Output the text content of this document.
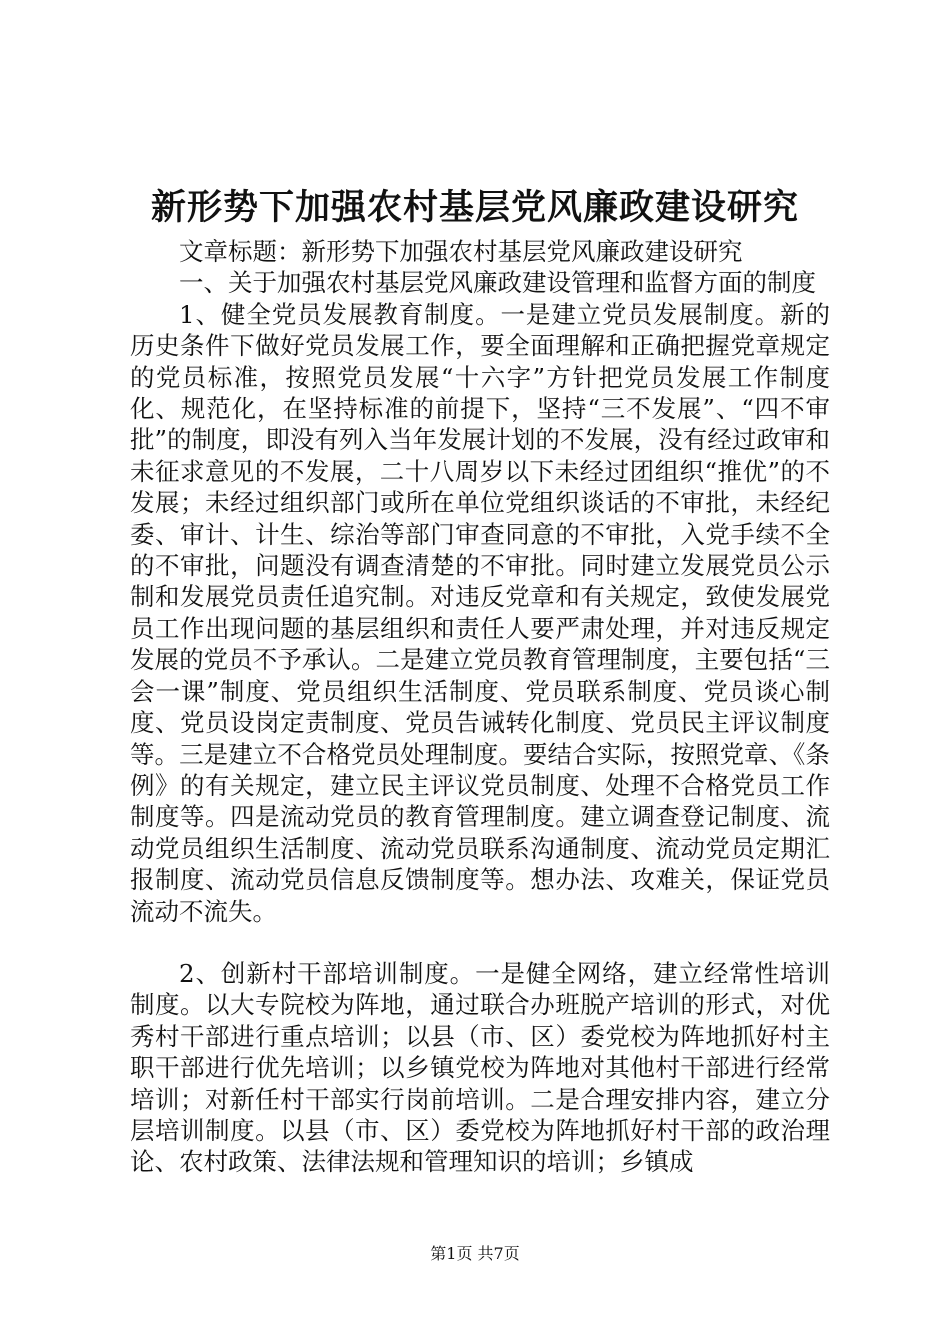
新形势下加强农村基层党风廉政建设研究

文章标题：新形势下加强农村基层党风廉政建设研究

一、关于加强农村基层党风廉政建设管理和监督方面的制度

1、健全党员发展教育制度。一是建立党员发展制度。新的历史条件下做好党员发展工作，要全面理解和正确把握党章规定的党员标准，按照党员发展“十六字”方针把党员发展工作制度化、规范化，在坚持标准的前提下，坚持“三不发展”、“四不审批”的制度，即没有列入当年发展计划的不发展，没有经过政审和未征求意见的不发展，二十八周岁以下未经过团组织“推优”的不发展；未经过组织部门或所在单位党组织谈话的不审批，未经纪委、审计、计生、综治等部门审查同意的不审批，入党手续不全的不审批，问题没有调查清楚的不审批。同时建立发展党员公示制和发展党员责任追究制。对违反党章和有关规定，致使发展党员工作出现问题的基层组织和责任人要严肃处理，并对违反规定发展的党员不予承认。二是建立党员教育管理制度，主要包括“三会一课”制度、党员组织生活制度、党员联系制度、党员谈心制度、党员设岗定责制度、党员告诫转化制度、党员民主评议制度等。三是建立不合格党员处理制度。要结合实际，按照党章、《条例》的有关规定，建立民主评议党员制度、处理不合格党员工作制度等。四是流动党员的教育管理制度。建立调查登记制度、流动党员组织生活制度、流动党员联系沟通制度、流动党员定期汇报制度、流动党员信息反馈制度等。想办法、攻难关，保证党员流动不流失。

2、创新村干部培训制度。一是健全网络，建立经常性培训制度。以大专院校为阵地，通过联合办班脱产培训的形式，对优秀村干部进行重点培训；以县（市、区）委党校为阵地抓好村主职干部进行优先培训；以乡镇党校为阵地对其他村干部进行经常培训；对新任村干部实行岗前培训。二是合理安排内容，建立分层培训制度。以县（市、区）委党校为阵地抓好村干部的政治理论、农村政策、法律法规和管理知识的培训；乡镇成

第1页 共7页
